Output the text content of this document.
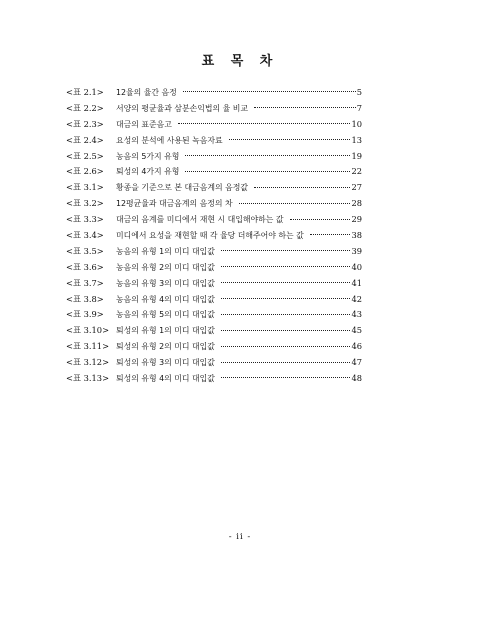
표 목 차
<표 2.1>	12율의 율간 음정	5
<표 2.2>	서양의 평균율과 삼분손익법의 율 비교	7
<표 2.3>	대금의 표준음고	10
<표 2.4>	요성의 분석에 사용된 녹음자료	13
<표 2.5>	농음의 5가지 유형	19
<표 2.6>	퇴성의 4가지 유형	22
<표 3.1>	황종을 기준으로 본 대금음계의 음정값	27
<표 3.2>	12평균율과 대금음계의 음정의 차	28
<표 3.3>	대금의 음계를 미디에서 재현 시 대입해야하는 값	29
<표 3.4>	미디에서 요성을 재현할 때 각 율당 더해주어야 하는 값	38
<표 3.5>	농음의 유형 1의 미디 대입값	39
<표 3.6>	농음의 유형 2의 미디 대입값	40
<표 3.7>	농음의 유형 3의 미디 대입값	41
<표 3.8>	농음의 유형 4의 미디 대입값	42
<표 3.9>	농음의 유형 5의 미디 대입값	43
<표 3.10> 퇴성의 유형 1의 미디 대입값	45
<표 3.11> 퇴성의 유형 2의 미디 대입값	46
<표 3.12> 퇴성의 유형 3의 미디 대입값	47
<표 3.13> 퇴성의 유형 4의 미디 대입값	48
- ii -
